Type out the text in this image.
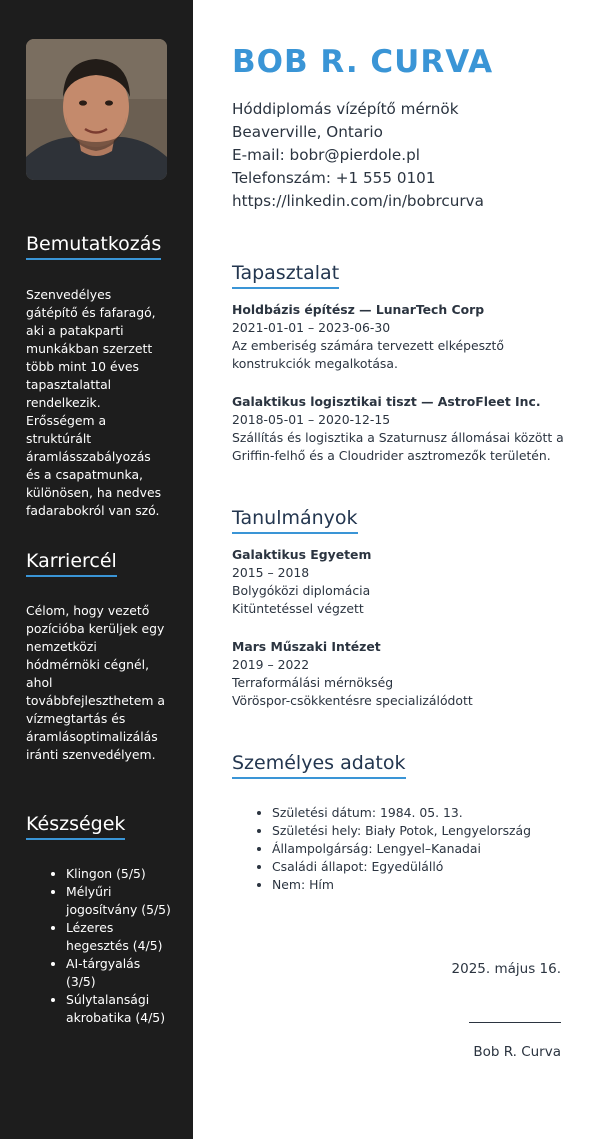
Bemutatkozás

Szenvedélyes gátépítő és fafaragó, aki a patakparti munkákban szerzett több mint 10 éves tapasztalattal rendelkezik. Erősségem a struktúrált áramlásszabályozás és a csapatmunka, különösen, ha nedves fadarabokról van szó.

Karriercél

Célom, hogy vezető pozícióba kerüljek egy nemzetközi hódmérnöki cégnél, ahol továbbfejleszthetem a vízmegtartás és áramlásoptimalizálás iránti szenvedélyem.

Készségek
• Klingon (5/5)
• Mélyűri jogosítvány (5/5)
• Lézeres hegesztés (4/5)
• AI-tárgyalás (3/5)
• Súlytalansági akrobatika (4/5)
BOB R. CURVA
Hóddiplomás vízépítő mérnök
Beaverville, Ontario
E-mail: bobr@pierdole.pl
Telefonszám: +1 555 0101
https://linkedin.com/in/bobrcurva
Tapasztalat
Holdbázis építész — LunarTech Corp
2021-01-01 – 2023-06-30
Az emberiség számára tervezett elképesztő konstrukciók megalkotása.
Galaktikus logisztikai tiszt — AstroFleet Inc.
2018-05-01 – 2020-12-15
Szállítás és logisztika a Szaturnusz állomásai között a Griffin-felhő és a Cloudrider asztromezők területén.
Tanulmányok
Galaktikus Egyetem
2015 – 2018
Bolygóközi diplomácia
Kitüntetéssel végzett
Mars Műszaki Intézet
2019 – 2022
Terraformálási mérnökség
Vöröspor-csökkentésre specializálódott
Személyes adatok
• Születési dátum: 1984. 05. 13.
• Születési hely: Biały Potok, Lengyelország
• Állampolgárság: Lengyel–Kanadai
• Családi állapot: Egyedülálló
• Nem: Hím
2025. május 16.
Bob R. Curva
